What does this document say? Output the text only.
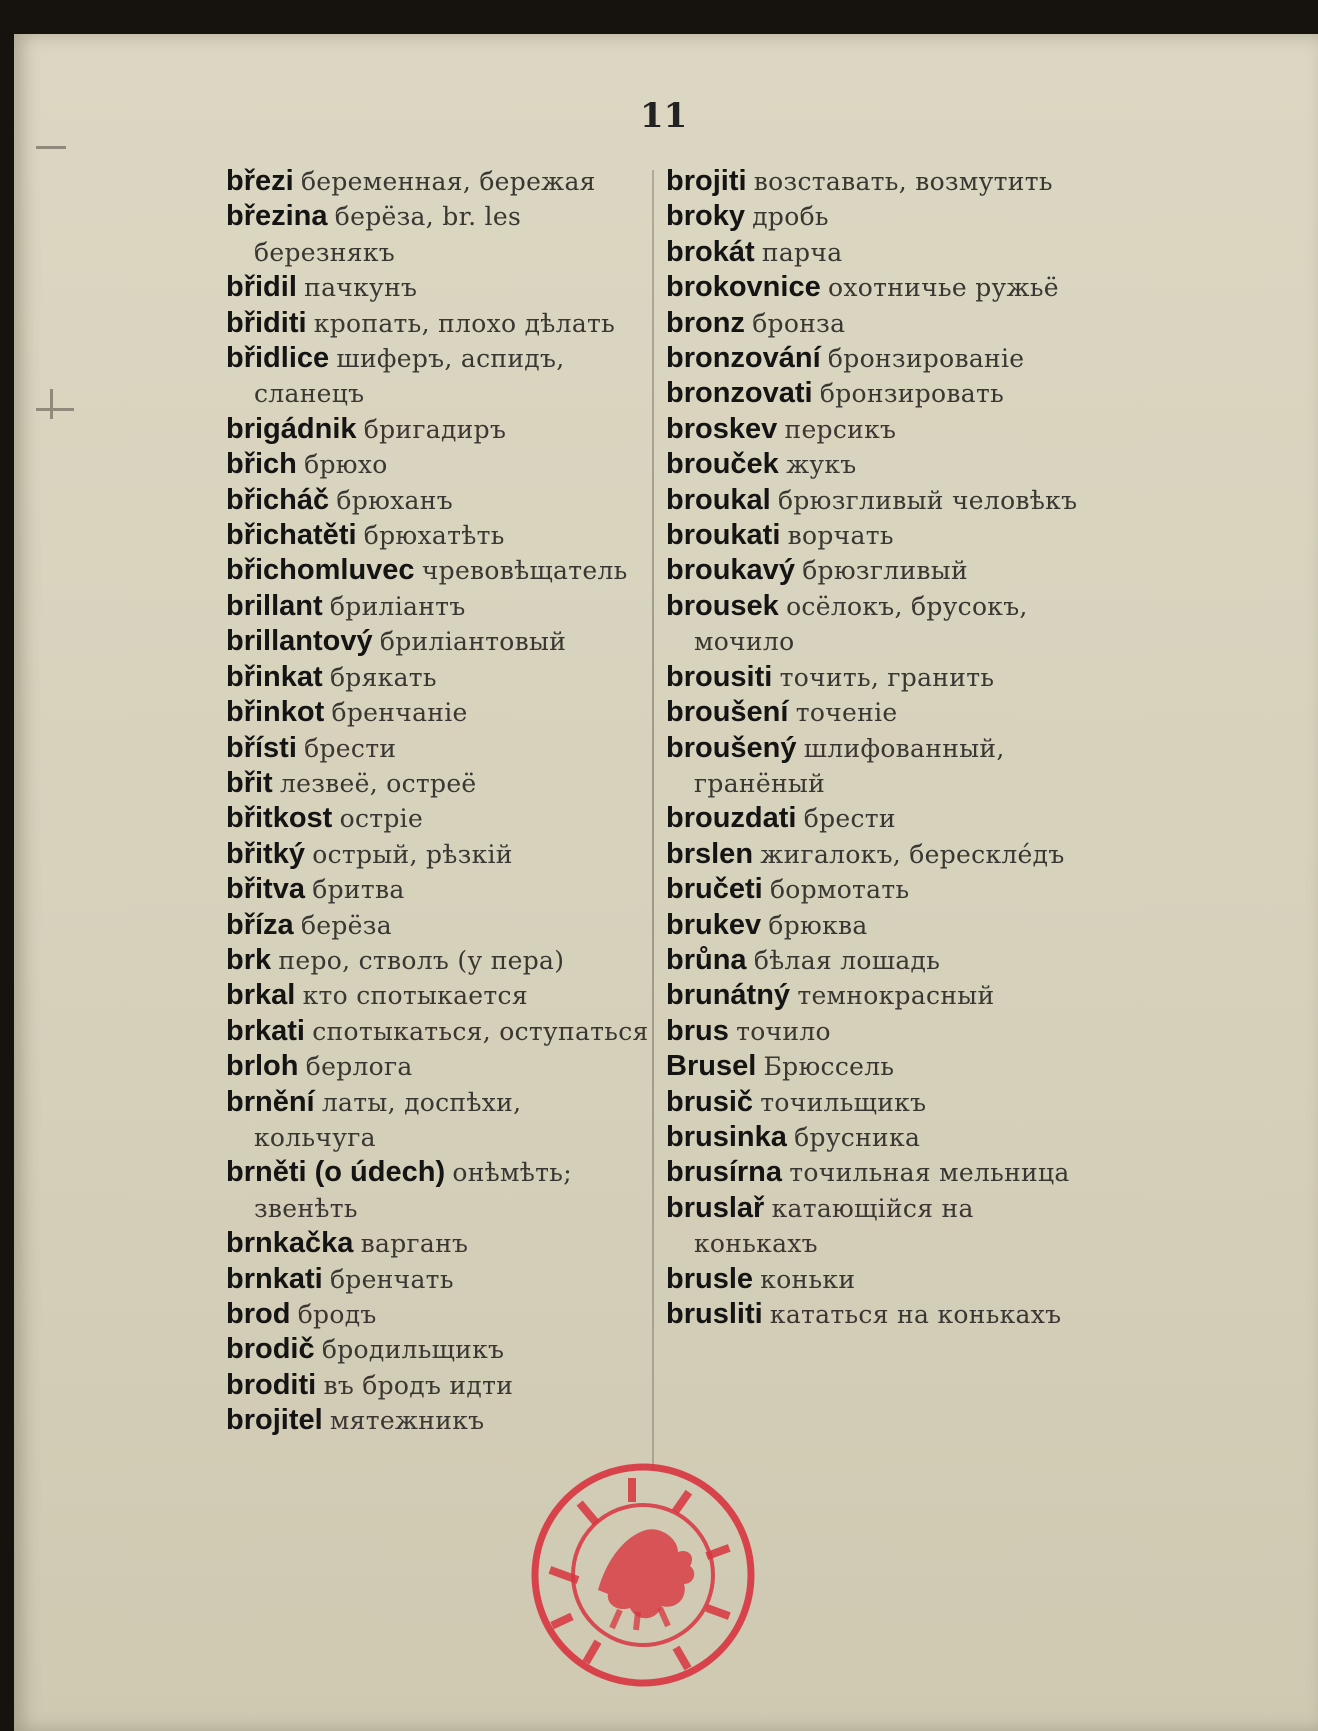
11
březi беременная, бережая
březina берёза, br. les березнякъ
břidil пачкунъ
břiditi кропать, плохо дѣлать
břidlice шиферъ, аспидъ, сланецъ
brigádnik бригадиръ
břich брюхо
břicháč брюханъ
břichatěti брюхатѣть
břichomluvec чревовѣщатель
brillant бриліантъ
brillantový бриліантовый
břinkat брякать
břinkot бренчаніе
břísti брести
břit лезвеё, остреё
břitkost острiе
břitký острый, рѣзкій
břitva бритва
bříza берёза
brk перо, стволъ (у пера)
brkal кто спотыкается
brkati спотыкаться, оступаться
brloh берлога
brnění латы, доспѣхи, кольчуга
brněti (o údech) онѣмѣть; звенѣть
brnkačka варганъ
brnkati бренчать
brod бродъ
brodič бродильщикъ
broditi въ бродъ идти
brojitel мятежникъ
brojiti возставать, возмутить
broky дробь
brokát парча
brokovnice охотничье ружьё
bronz бронза
bronzování бронзированіе
bronzovati бронзировать
broskev персикъ
brouček жукъ
broukal брюзгливый человѣкъ
broukati ворчать
broukavý брюзгливый
brousek осёлокъ, брусокъ, мочило
brousiti точить, гранить
broušení точеніе
broušený шлифованный, гранёный
brouzdati брести
brslen жигалокъ, бересклéдъ
bručeti бормотать
brukev брюква
brůna бѣлая лошадь
brunátný темнокрасный
brus точило
Brusel Брюссель
brusič точильщикъ
brusinka брусника
brusírna точильная мельница
bruslař катающійся на конькахъ
brusle коньки
brusliti кататься на конькахъ
